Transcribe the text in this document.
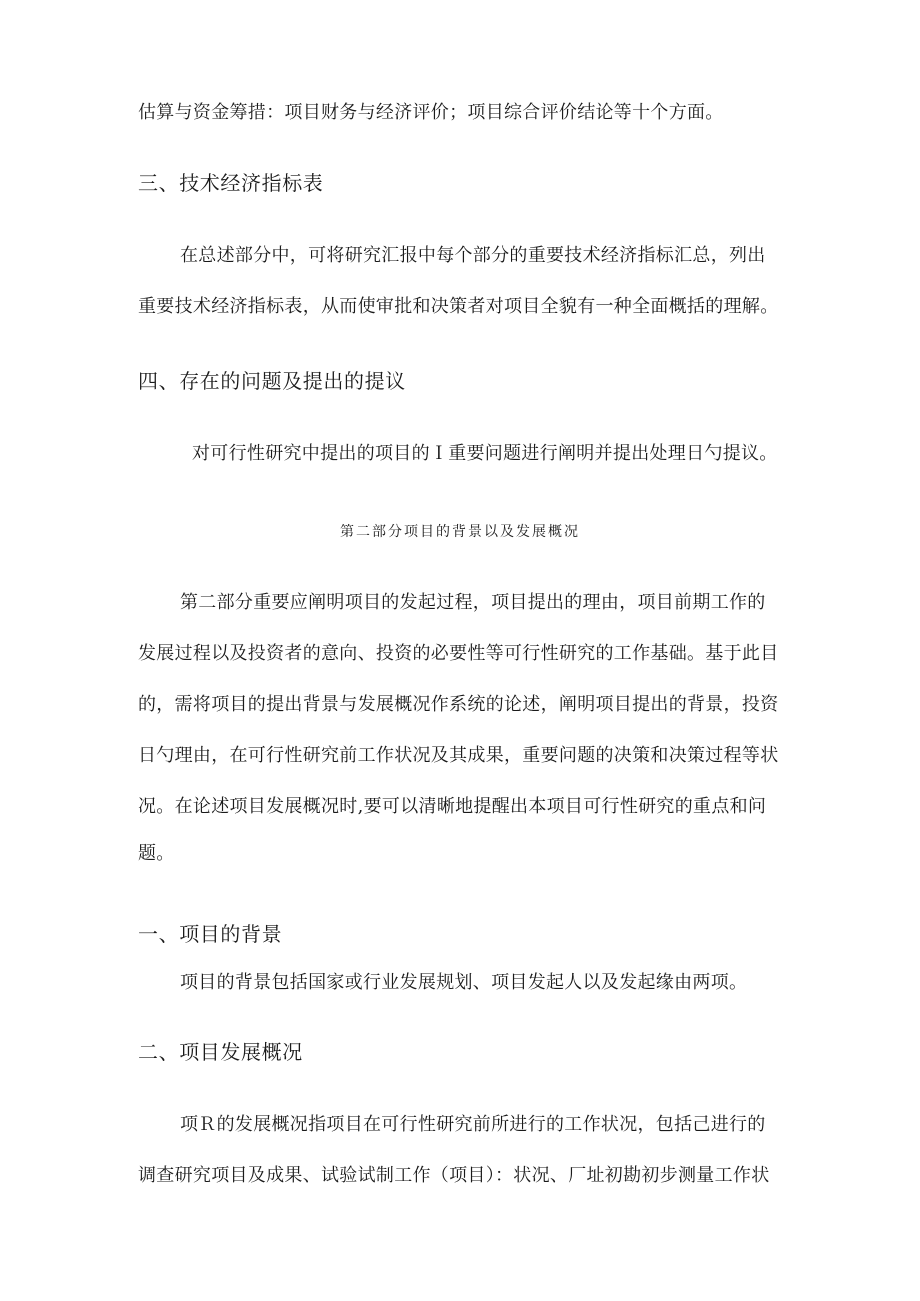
估算与资金筹措：项目财务与经济评价；项目综合评价结论等十个方面。
三、技术经济指标表
在总述部分中，可将研究汇报中每个部分的重要技术经济指标汇总，列出
重要技术经济指标表，从而使审批和决策者对项目全貌有一种全面概括的理解。
四、存在的问题及提出的提议
对可行性研究中提出的项目的Ｉ重要问题进行阐明并提出处理日勺提议。
第二部分项目的背景以及发展概况
第二部分重要应阐明项目的发起过程，项目提出的理由，项目前期工作的
发展过程以及投资者的意向、投资的必要性等可行性研究的工作基础。基于此目
的，需将项目的提出背景与发展概况作系统的论述，阐明项目提出的背景，投资
日勺理由，在可行性研究前工作状况及其成果，重要问题的决策和决策过程等状
况。在论述项目发展概况时,要可以清晰地提醒出本项目可行性研究的重点和问
题。
一、项目的背景
项目的背景包括国家或行业发展规划、项目发起人以及发起缘由两项。
二、项目发展概况
项Ｒ的发展概况指项目在可行性研究前所进行的工作状况，包括己进行的
调查研究项目及成果、试验试制工作（项目）：状况、厂址初勘初步测量工作状
